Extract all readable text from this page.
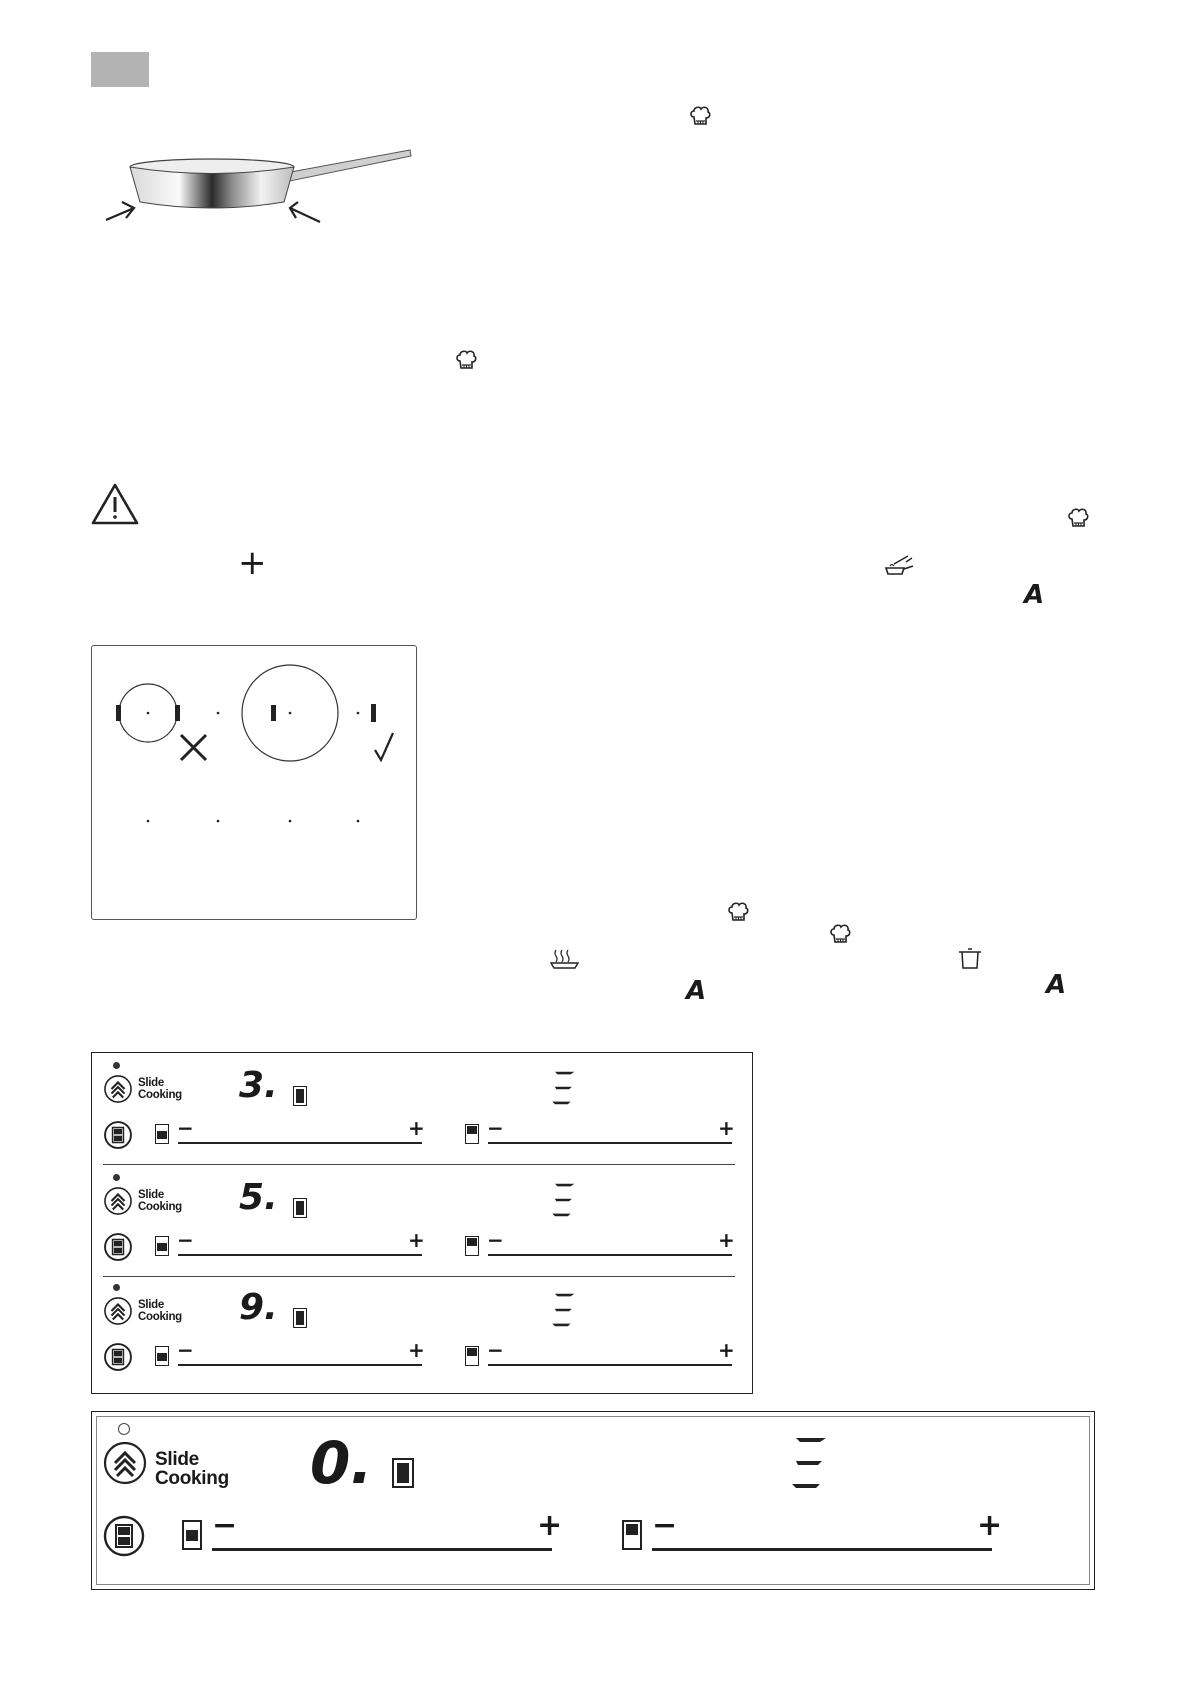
+
A
A	A
Slide
Cooking 3.
−	+	−	+
Slide
Cooking 5.
−	+	−	+
Slide
Cooking 9.
−	+	−	+
Slide
Cooking 0.
−	+	−	+
